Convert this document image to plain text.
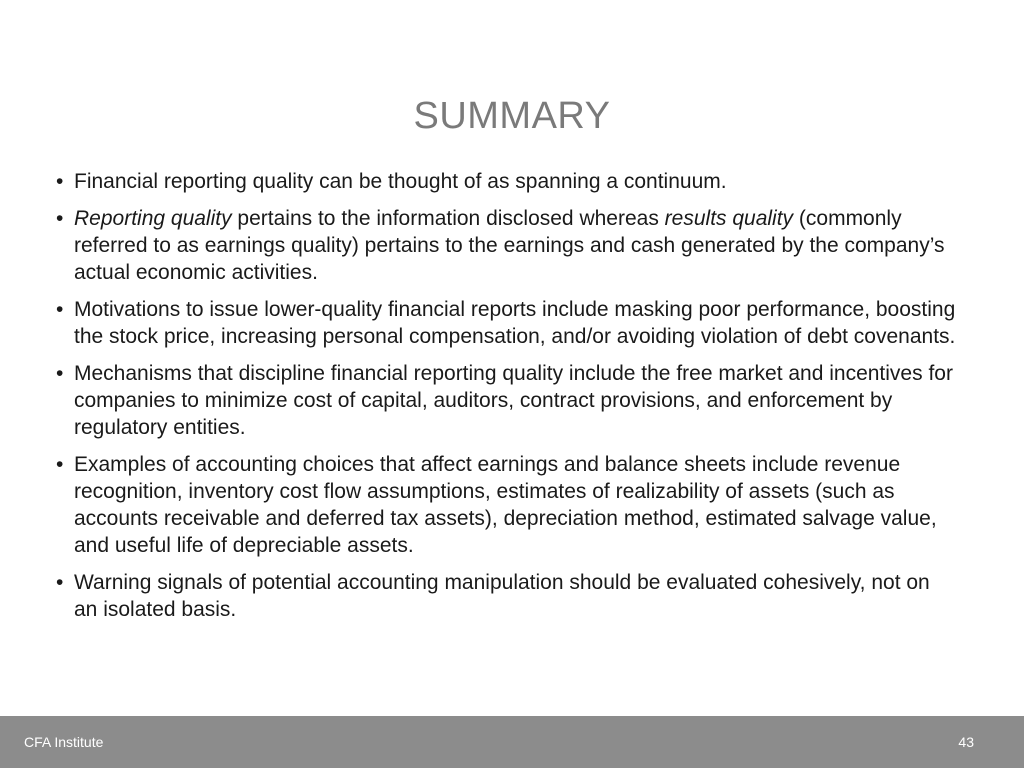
SUMMARY
• Financial reporting quality can be thought of as spanning a continuum.
• Reporting quality pertains to the information disclosed whereas results quality (commonly referred to as earnings quality) pertains to the earnings and cash generated by the company’s actual economic activities.
• Motivations to issue lower-quality financial reports include masking poor performance, boosting the stock price, increasing personal compensation, and/or avoiding violation of debt covenants.
• Mechanisms that discipline financial reporting quality include the free market and incentives for companies to minimize cost of capital, auditors, contract provisions, and enforcement by regulatory entities.
• Examples of accounting choices that affect earnings and balance sheets include revenue recognition, inventory cost flow assumptions, estimates of realizability of assets (such as accounts receivable and deferred tax assets), depreciation method, estimated salvage value, and useful life of depreciable assets.
• Warning signals of potential accounting manipulation should be evaluated cohesively, not on an isolated basis.
CFA Institute	43
